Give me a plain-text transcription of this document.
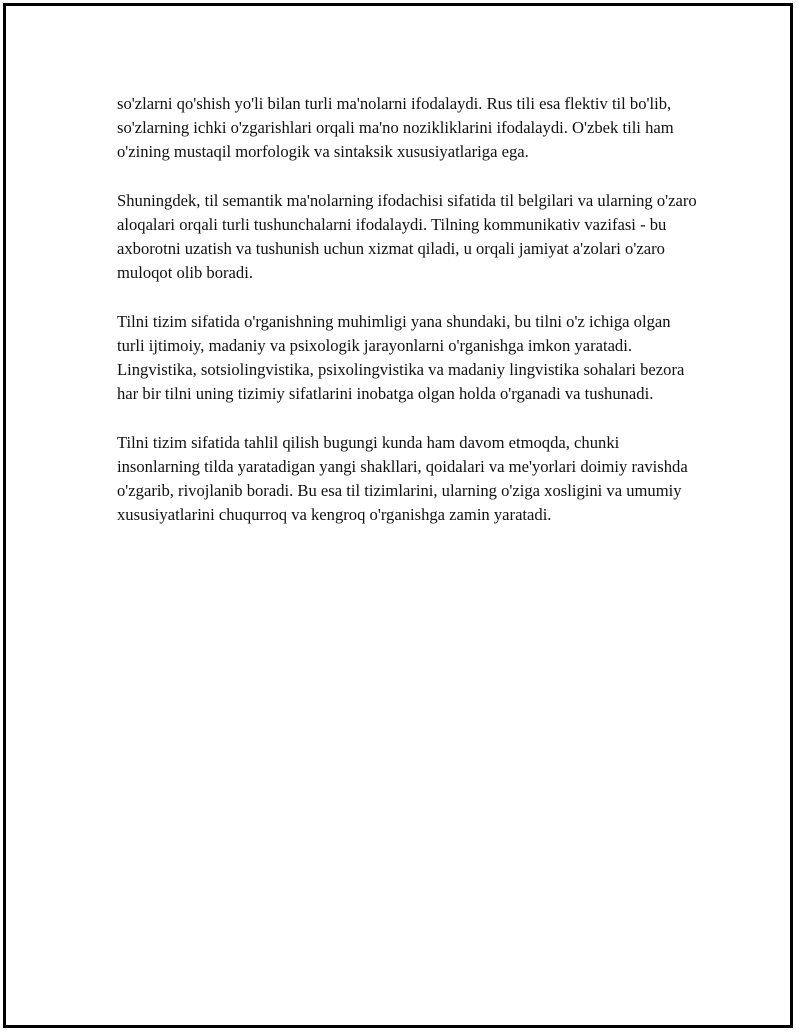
so'zlarni qo'shish yo'li bilan turli ma'nolarni ifodalaydi. Rus tili esa flektiv til bo'lib, so'zlarning ichki o'zgarishlari orqali ma'no nozikliklarini ifodalaydi. O'zbek tili ham o'zining mustaqil morfologik va sintaksik xususiyatlariga ega.

Shuningdek, til semantik ma'nolarning ifodachisi sifatida til belgilari va ularning o'zaro aloqalari orqali turli tushunchalarni ifodalaydi. Tilning kommunikativ vazifasi - bu axborotni uzatish va tushunish uchun xizmat qiladi, u orqali jamiyat a'zolari o'zaro muloqot olib boradi.

Tilni tizim sifatida o'rganishning muhimligi yana shundaki, bu tilni o'z ichiga olgan turli ijtimoiy, madaniy va psixologik jarayonlarni o'rganishga imkon yaratadi. Lingvistika, sotsiolingvistika, psixolingvistika va madaniy lingvistika sohalari bezora har bir tilni uning tizimiy sifatlarini inobatga olgan holda o'rganadi va tushunadi.

Tilni tizim sifatida tahlil qilish bugungi kunda ham davom etmoqda, chunki insonlarning tilda yaratadigan yangi shakllari, qoidalari va me'yorlari doimiy ravishda o'zgarib, rivojlanib boradi. Bu esa til tizimlarini, ularning o'ziga xosligini va umumiy xususiyatlarini chuqurroq va kengroq o'rganishga zamin yaratadi.
